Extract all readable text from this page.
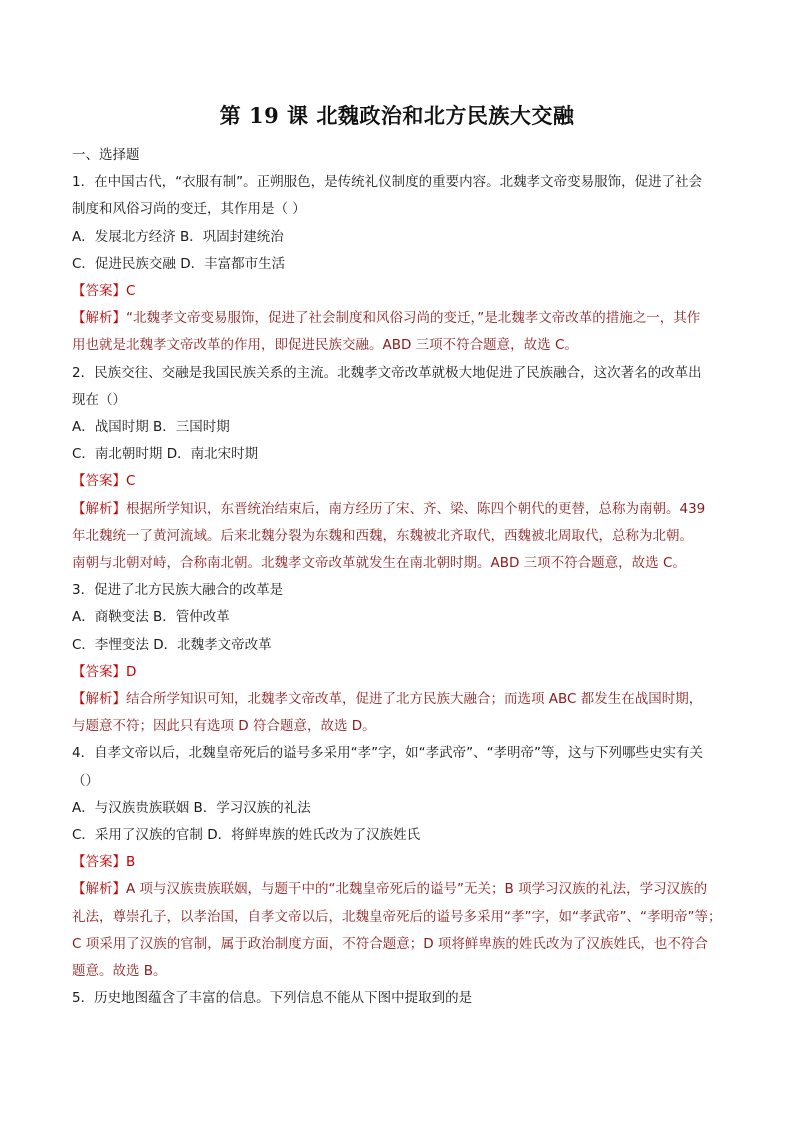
第 19 课 北魏政治和北方民族大交融
一、选择题
1．在中国古代，“衣服有制”。正朔服色，是传统礼仪制度的重要内容。北魏孝文帝变易服饰，促进了社会
制度和风俗习尚的变迁，其作用是（ ）
A．发展北方经济 B．巩固封建统治
C．促进民族交融 D．丰富都市生活
【答案】C
【解析】“北魏孝文帝变易服饰，促进了社会制度和风俗习尚的变迁，”是北魏孝文帝改革的措施之一，其作
用也就是北魏孝文帝改革的作用，即促进民族交融。ABD 三项不符合题意，故选 C。
2．民族交往、交融是我国民族关系的主流。北魏孝文帝改革就极大地促进了民族融合，这次著名的改革出
现在（）
A．战国时期 B．三国时期
C．南北朝时期 D．南北宋时期
【答案】C
【解析】根据所学知识，东晋统治结束后，南方经历了宋、齐、梁、陈四个朝代的更替，总称为南朝。439
年北魏统一了黄河流域。后来北魏分裂为东魏和西魏，东魏被北齐取代，西魏被北周取代，总称为北朝。
南朝与北朝对峙，合称南北朝。北魏孝文帝改革就发生在南北朝时期。ABD 三项不符合题意，故选 C。
3．促进了北方民族大融合的改革是
A．商鞅变法 B．管仲改革
C．李悝变法 D．北魏孝文帝改革
【答案】D
【解析】结合所学知识可知，北魏孝文帝改革，促进了北方民族大融合；而选项 ABC 都发生在战国时期，
与题意不符；因此只有选项 D 符合题意，故选 D。
4．自孝文帝以后，北魏皇帝死后的谥号多采用“孝”字，如“孝武帝”、“孝明帝”等，这与下列哪些史实有关
（）
A．与汉族贵族联姻 B．学习汉族的礼法
C．采用了汉族的官制 D．将鲜卑族的姓氏改为了汉族姓氏
【答案】B
【解析】A 项与汉族贵族联姻，与题干中的“北魏皇帝死后的谥号”无关；B 项学习汉族的礼法，学习汉族的
礼法，尊崇孔子，以孝治国，自孝文帝以后，北魏皇帝死后的谥号多采用“孝”字，如“孝武帝”、“孝明帝”等；
C 项采用了汉族的官制，属于政治制度方面，不符合题意；D 项将鲜卑族的姓氏改为了汉族姓氏，也不符合
题意。故选 B。
5．历史地图蕴含了丰富的信息。下列信息不能从下图中提取到的是
